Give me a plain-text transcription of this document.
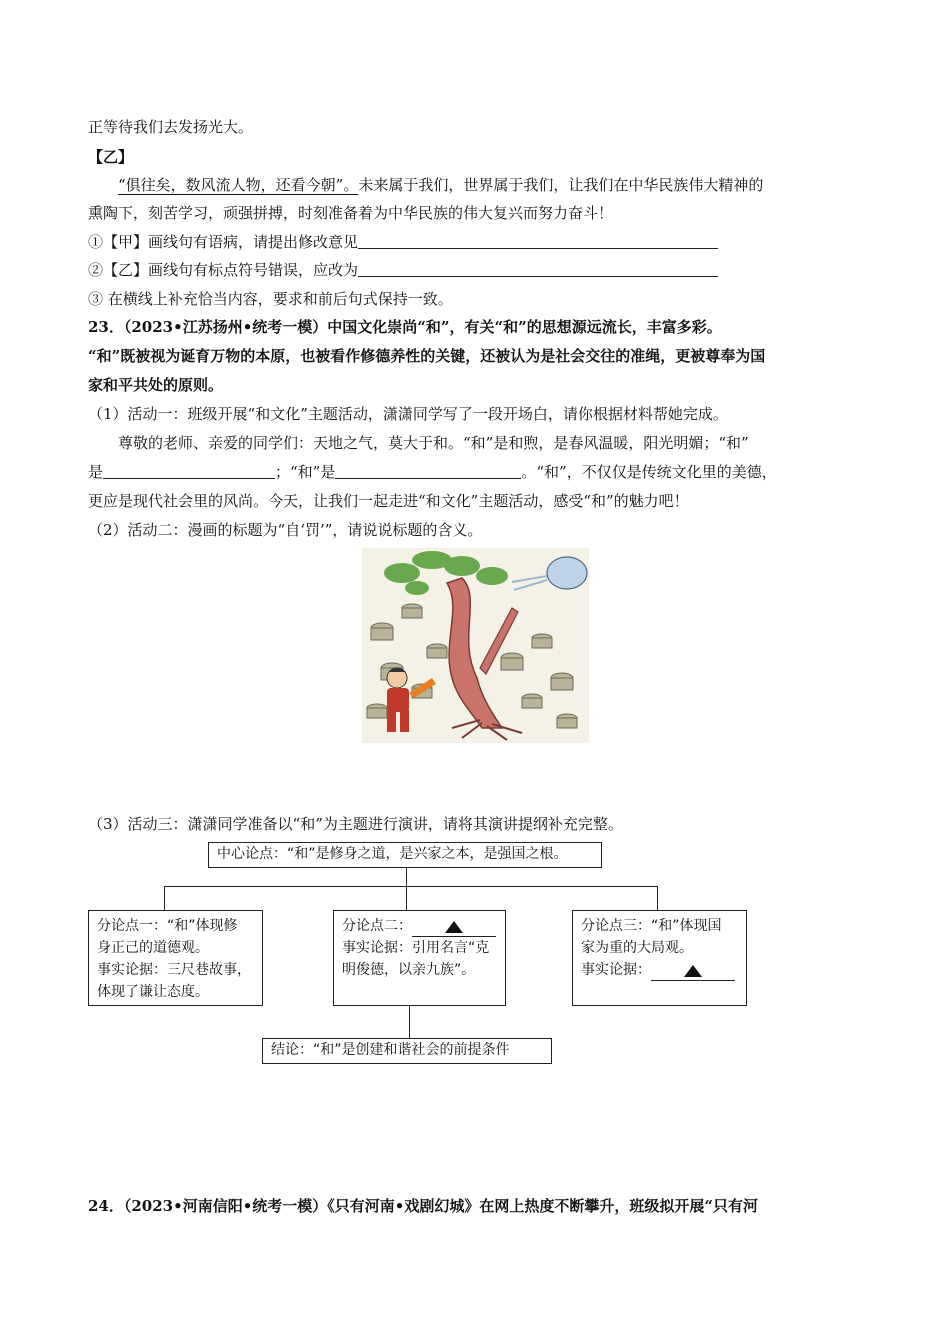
正等待我们去发扬光大。
【乙】
“俱往矣，数风流人物，还看今朝”。未来属于我们，世界属于我们，让我们在中华民族伟大精神的
熏陶下，刻苦学习，顽强拼搏，时刻准备着为中华民族的伟大复兴而努力奋斗！
①【甲】画线句有语病，请提出修改意见
②【乙】画线句有标点符号错误，应改为
③ 在横线上补充恰当内容，要求和前后句式保持一致。
23．（2023•江苏扬州•统考一模）中国文化崇尚“和”，有关“和”的思想源远流长，丰富多彩。
“和”既被视为诞育万物的本原，也被看作修德养性的关键，还被认为是社会交往的准绳，更被尊奉为国
家和平共处的原则。
（1）活动一：班级开展“和文化”主题活动，潇潇同学写了一段开场白，请你根据材料帮她完成。
尊敬的老师、亲爱的同学们：天地之气，莫大于和。“和”是和煦，是春风温暖，阳光明媚；“和”
是	；“和”是	。“和”，不仅仅是传统文化里的美德，
更应是现代社会里的风尚。今天，让我们一起走进“和文化”主题活动，感受“和”的魅力吧！
（2）活动二：漫画的标题为“自‘罚’”，请说说标题的含义。
（3）活动三：潇潇同学准备以“和”为主题进行演讲，请将其演讲提纲补充完整。
中心论点：“和”是修身之道，是兴家之本，是强国之根。
分论点一：“和”体现修
身正己的道德观。
事实论据：三尺巷故事，
体现了谦让态度。
分论点二：
事实论据：引用名言“克
明俊德，以亲九族”。
分论点三：“和”体现国
家为重的大局观。
事实论据：
结论：“和”是创建和谐社会的前提条件
24．（2023•河南信阳•统考一模）《只有河南•戏剧幻城》在网上热度不断攀升，班级拟开展“只有河
